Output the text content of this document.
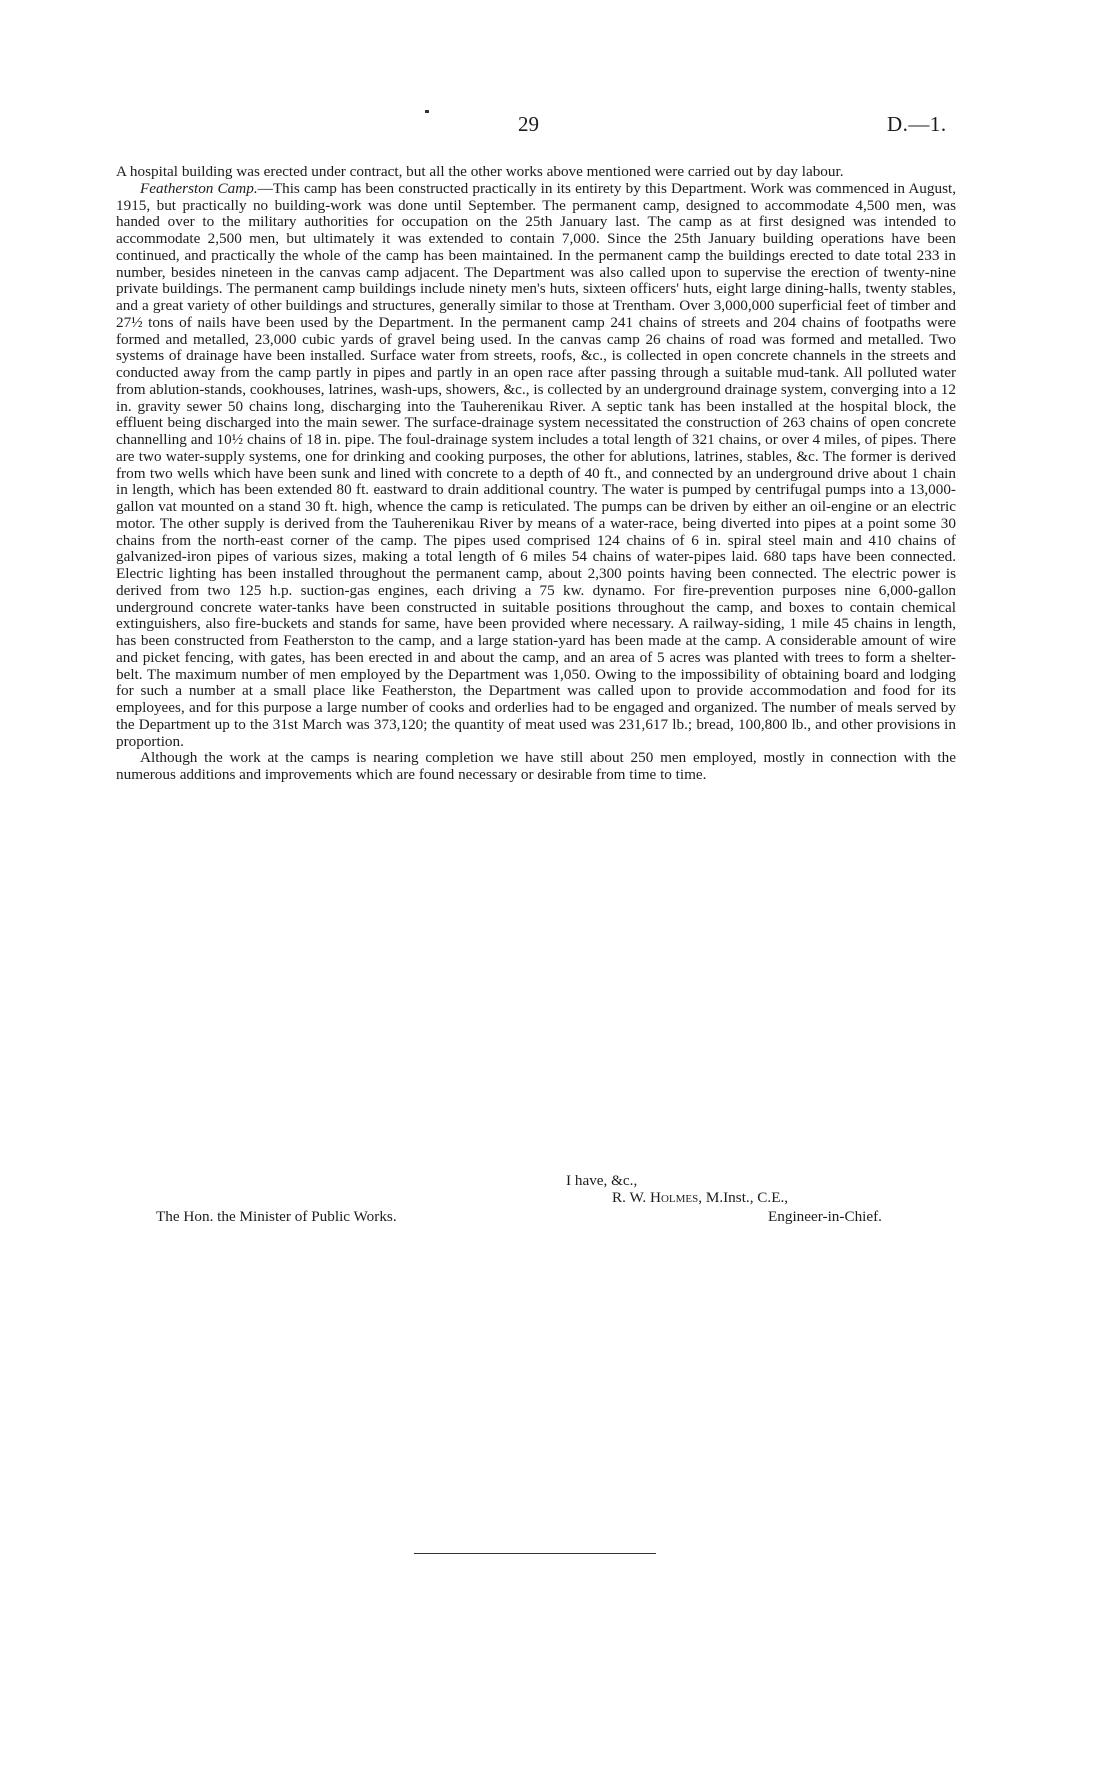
29	D.—1.

A hospital building was erected under contract, but all the other works above mentioned were carried out by day labour.

Featherston Camp.—This camp has been constructed practically in its entirety by this Department. Work was commenced in August, 1915, but practically no building-work was done until September. The permanent camp, designed to accommodate 4,500 men, was handed over to the military authorities for occupation on the 25th January last. The camp as at first designed was intended to accommodate 2,500 men, but ultimately it was extended to contain 7,000. Since the 25th January building operations have been continued, and practically the whole of the camp has been maintained. In the permanent camp the buildings erected to date total 233 in number, besides nineteen in the canvas camp adjacent. The Department was also called upon to supervise the erection of twenty-nine private buildings. The permanent camp buildings include ninety men's huts, sixteen officers' huts, eight large dining-halls, twenty stables, and a great variety of other buildings and structures, generally similar to those at Trentham. Over 3,000,000 superficial feet of timber and 27½ tons of nails have been used by the Department. In the permanent camp 241 chains of streets and 204 chains of footpaths were formed and metalled, 23,000 cubic yards of gravel being used. In the canvas camp 26 chains of road was formed and metalled. Two systems of drainage have been installed. Surface water from streets, roofs, &c., is collected in open concrete channels in the streets and conducted away from the camp partly in pipes and partly in an open race after passing through a suitable mud-tank. All polluted water from ablution-stands, cookhouses, latrines, wash-ups, showers, &c., is collected by an underground drainage system, converging into a 12 in. gravity sewer 50 chains long, discharging into the Tauherenikau River. A septic tank has been installed at the hospital block, the effluent being discharged into the main sewer. The surface-drainage system necessitated the construction of 263 chains of open concrete channelling and 10½ chains of 18 in. pipe. The foul-drainage system includes a total length of 321 chains, or over 4 miles, of pipes. There are two water-supply systems, one for drinking and cooking purposes, the other for ablutions, latrines, stables, &c. The former is derived from two wells which have been sunk and lined with concrete to a depth of 40 ft., and connected by an underground drive about 1 chain in length, which has been extended 80 ft. eastward to drain additional country. The water is pumped by centrifugal pumps into a 13,000-gallon vat mounted on a stand 30 ft. high, whence the camp is reticulated. The pumps can be driven by either an oil-engine or an electric motor. The other supply is derived from the Tauherenikau River by means of a water-race, being diverted into pipes at a point some 30 chains from the north-east corner of the camp. The pipes used comprised 124 chains of 6 in. spiral steel main and 410 chains of galvanized-iron pipes of various sizes, making a total length of 6 miles 54 chains of water-pipes laid. 680 taps have been connected. Electric lighting has been installed throughout the permanent camp, about 2,300 points having been connected. The electric power is derived from two 125 h.p. suction-gas engines, each driving a 75 kw. dynamo. For fire-prevention purposes nine 6,000-gallon underground concrete water-tanks have been constructed in suitable positions throughout the camp, and boxes to contain chemical extinguishers, also fire-buckets and stands for same, have been provided where necessary. A railway-siding, 1 mile 45 chains in length, has been constructed from Featherston to the camp, and a large station-yard has been made at the camp. A considerable amount of wire and picket fencing, with gates, has been erected in and about the camp, and an area of 5 acres was planted with trees to form a shelter-belt. The maximum number of men employed by the Department was 1,050. Owing to the impossibility of obtaining board and lodging for such a number at a small place like Featherston, the Department was called upon to provide accommodation and food for its employees, and for this purpose a large number of cooks and orderlies had to be engaged and organized. The number of meals served by the Department up to the 31st March was 373,120; the quantity of meat used was 231,617 lb.; bread, 100,800 lb., and other provisions in proportion.

Although the work at the camps is nearing completion we have still about 250 men employed, mostly in connection with the numerous additions and improvements which are found necessary or desirable from time to time.

I have, &c.,
R. W. Holmes, M.Inst., C.E.,
The Hon. the Minister of Public Works.	Engineer-in-Chief.
